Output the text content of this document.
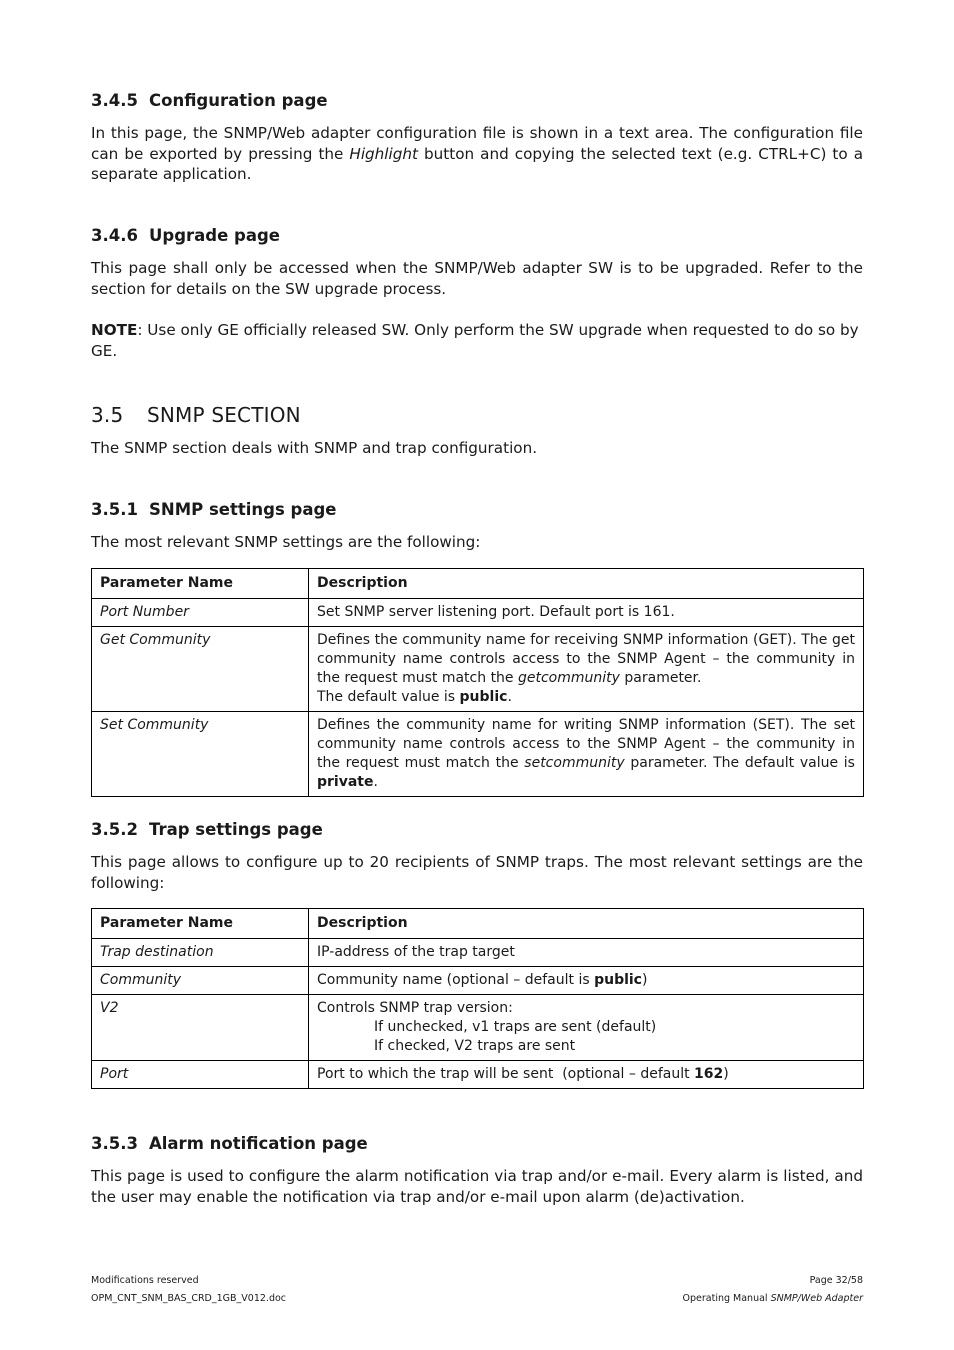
3.4.5 Configuration page

In this page, the SNMP/Web adapter configuration file is shown in a text area. The configuration file can be exported by pressing the Highlight button and copying the selected text (e.g. CTRL+C) to a separate application.

3.4.6 Upgrade page

This page shall only be accessed when the SNMP/Web adapter SW is to be upgraded. Refer to the section for details on the SW upgrade process.

NOTE: Use only GE officially released SW. Only perform the SW upgrade when requested to do so by GE.

3.5 SNMP SECTION

The SNMP section deals with SNMP and trap configuration.

3.5.1 SNMP settings page

The most relevant SNMP settings are the following:

Parameter Name	Description
Port Number	Set SNMP server listening port. Default port is 161.
Get Community	Defines the community name for receiving SNMP information (GET). The get community name controls access to the SNMP Agent – the community in the request must match the getcommunity parameter.
The default value is public.
Set Community	Defines the community name for writing SNMP information (SET). The set community name controls access to the SNMP Agent – the community in the request must match the setcommunity parameter. The default value is private.
3.5.2 Trap settings page

This page allows to configure up to 20 recipients of SNMP traps. The most relevant settings are the following:

Parameter Name	Description
Trap destination	IP-address of the trap target
Community	Community name (optional – default is public)
V2	Controls SNMP trap version:
If unchecked, v1 traps are sent (default)
If checked, V2 traps are sent

Port	Port to which the trap will be sent  (optional – default 162)
3.5.3 Alarm notification page

This page is used to configure the alarm notification via trap and/or e-mail. Every alarm is listed, and the user may enable the notification via trap and/or e-mail upon alarm (de)activation.

Modifications reserved
OPM_CNT_SNM_BAS_CRD_1GB_V012.doc
Page 32/58
Operating Manual SNMP/Web Adapter
